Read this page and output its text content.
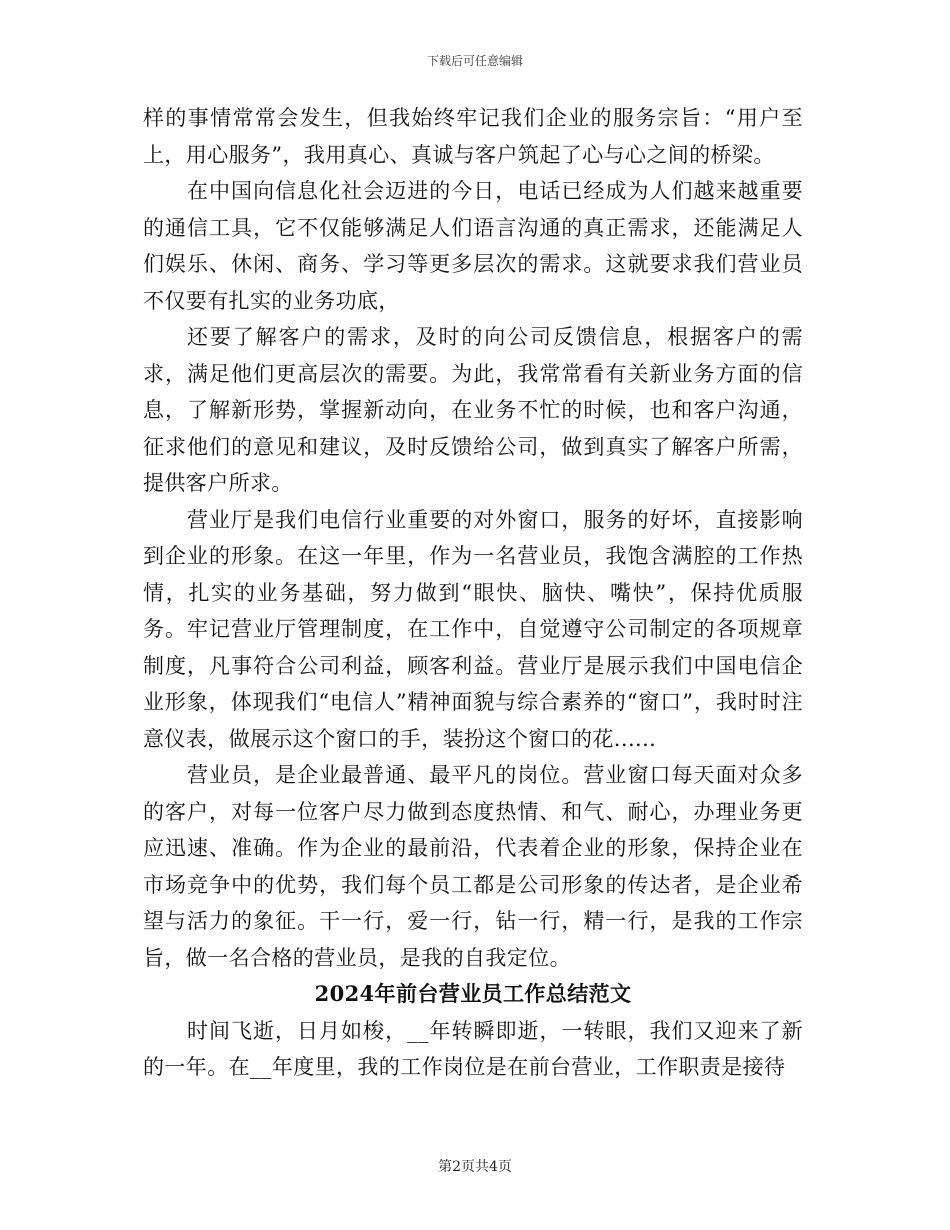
下载后可任意编辑

样的事情常常会发生，但我始终牢记我们企业的服务宗旨：“用户至上，用心服务”，我用真心、真诚与客户筑起了心与心之间的桥梁。

在中国向信息化社会迈进的今日，电话已经成为人们越来越重要的通信工具，它不仅能够满足人们语言沟通的真正需求，还能满足人们娱乐、休闲、商务、学习等更多层次的需求。这就要求我们营业员不仅要有扎实的业务功底，

还要了解客户的需求，及时的向公司反馈信息，根据客户的需求，满足他们更高层次的需要。为此，我常常看有关新业务方面的信息，了解新形势，掌握新动向，在业务不忙的时候，也和客户沟通，征求他们的意见和建议，及时反馈给公司，做到真实了解客户所需，提供客户所求。

营业厅是我们电信行业重要的对外窗口，服务的好坏，直接影响到企业的形象。在这一年里，作为一名营业员，我饱含满腔的工作热情，扎实的业务基础，努力做到“眼快、脑快、嘴快”，保持优质服务。牢记营业厅管理制度，在工作中，自觉遵守公司制定的各项规章制度，凡事符合公司利益，顾客利益。营业厅是展示我们中国电信企业形象，体现我们“电信人”精神面貌与综合素养的“窗口”，我时时注意仪表，做展示这个窗口的手，装扮这个窗口的花......

营业员，是企业最普通、最平凡的岗位。营业窗口每天面对众多的客户，对每一位客户尽力做到态度热情、和气、耐心，办理业务更应迅速、准确。作为企业的最前沿，代表着企业的形象，保持企业在市场竞争中的优势，我们每个员工都是公司形象的传达者，是企业希望与活力的象征。干一行，爱一行，钻一行，精一行，是我的工作宗旨，做一名合格的营业员，是我的自我定位。

2024年前台营业员工作总结范文

时间飞逝，日月如梭，__年转瞬即逝，一转眼，我们又迎来了新的一年。在__年度里，我的工作岗位是在前台营业，工作职责是接待

第2页共4页
